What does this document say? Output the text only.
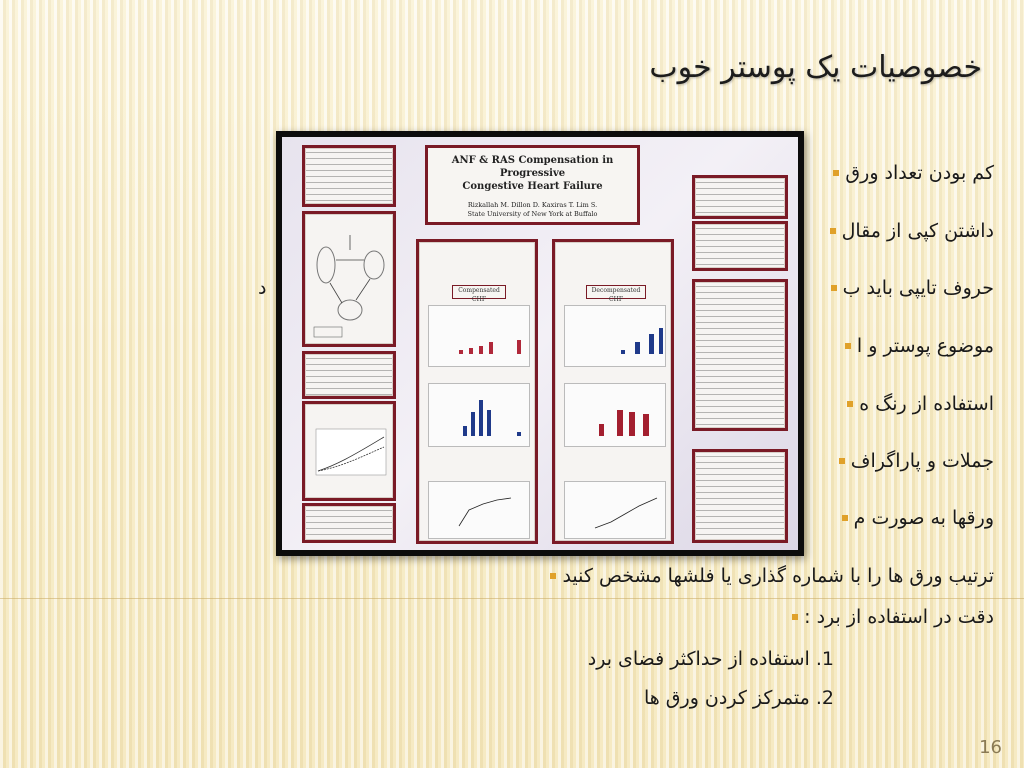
خصوصیات یک پوستر خوب
کم بودن تعداد ورق
داشتن کپی از مقال
حروف تایپی باید ب
د
موضوع پوستر و ا
استفاده از رنگ ه
جملات و پاراگراف
ورقها به صورت م
ترتیب ورق ها را با شماره گذاری یا فلشها مشخص کنید
دقت در استفاده از برد :
1. استفاده از حداکثر فضای برد
2. متمرکز کردن ورق ها
16
ANF & RAS Compensation in Progressive
Congestive Heart Failure
Rizkallah M. Dillon D. Kaxiras T. Lim S.
State University of New York at Buffalo
Compensated CHF
Decompensated CHF
